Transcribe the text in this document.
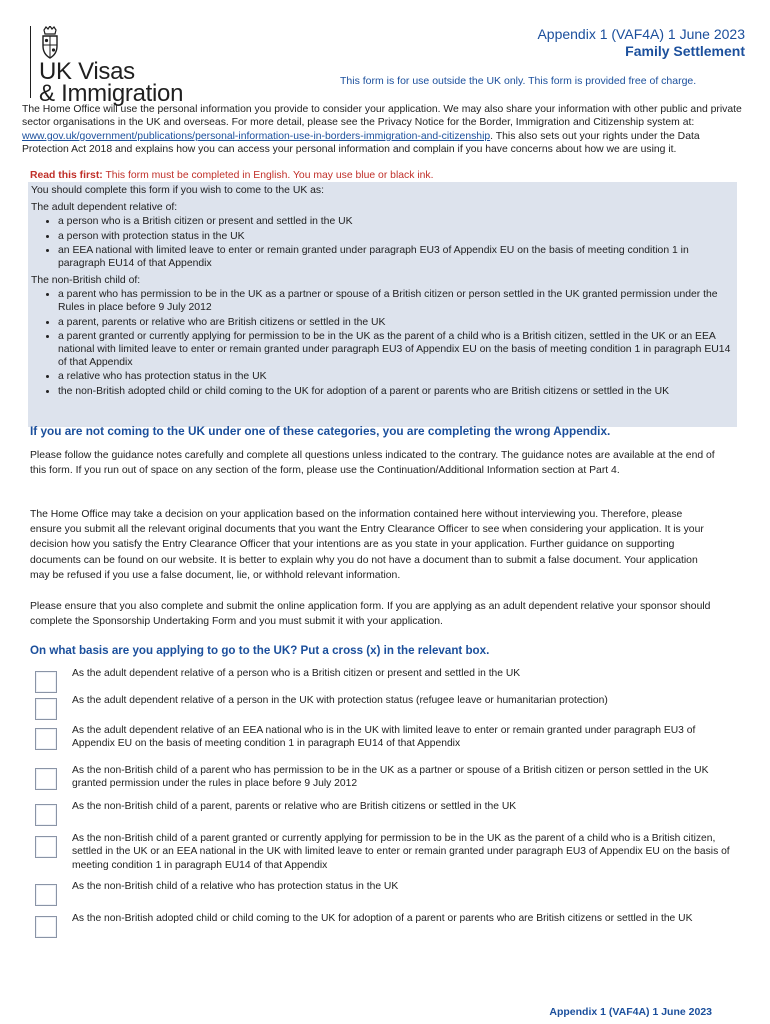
UK Visas
& Immigration
Appendix 1 (VAF4A) 1 June 2023
Family Settlement
This form is for use outside the UK only. This form is provided free of charge.
The Home Office will use the personal information you provide to consider your application. We may also share your information with other public and private sector organisations in the UK and overseas. For more detail, please see the Privacy Notice for the Border, Immigration and Citizenship system at: www.gov.uk/government/publications/personal-information-use-in-borders-immigration-and-citizenship. This also sets out your rights under the Data Protection Act 2018 and explains how you can access your personal information and complain if you have concerns about how we are using it.
Read this first: This form must be completed in English. You may use blue or black ink.

You should complete this form if you wish to come to the UK as:

The adult dependent relative of:

• a person who is a British citizen or present and settled in the UK
• a person with protection status in the UK
• an EEA national with limited leave to enter or remain granted under paragraph EU3 of Appendix EU on the basis of meeting condition 1 in paragraph EU14 of that Appendix

The non-British child of:

• a parent who has permission to be in the UK as a partner or spouse of a British citizen or person settled in the UK granted permission under the Rules in place before 9 July 2012
• a parent, parents or relative who are British citizens or settled in the UK
• a parent granted or currently applying for permission to be in the UK as the parent of a child who is a British citizen, settled in the UK or an EEA national with limited leave to enter or remain granted under paragraph EU3 of Appendix EU on the basis of meeting condition 1 in paragraph EU14 of that Appendix
• a relative who has protection status in the UK
• the non-British adopted child or child coming to the UK for adoption of a parent or parents who are British citizens or settled in the UK
If you are not coming to the UK under one of these categories, you are completing the wrong Appendix.
Please follow the guidance notes carefully and complete all questions unless indicated to the contrary. The guidance notes are available at the end of this form. If you run out of space on any section of the form, please use the Continuation/Additional Information section at Part 4.
The Home Office may take a decision on your application based on the information contained here without interviewing you. Therefore, please ensure you submit all the relevant original documents that you want the Entry Clearance Officer to see when considering your application. It is your decision how you satisfy the Entry Clearance Officer that your intentions are as you state in your application. Further guidance on supporting documents can be found on our website. It is better to explain why you do not have a document than to submit a false document. Your application may be refused if you use a false document, lie, or withhold relevant information.
Please ensure that you also complete and submit the online application form. If you are applying as an adult dependent relative your sponsor should complete the Sponsorship Undertaking Form and you must submit it with your application.
On what basis are you applying to go to the UK? Put a cross (x) in the relevant box.
As the adult dependent relative of a person who is a British citizen or present and settled in the UK
As the adult dependent relative of a person in the UK with protection status (refugee leave or humanitarian protection)
As the adult dependent relative of an EEA national who is in the UK with limited leave to enter or remain granted under paragraph EU3 of Appendix EU on the basis of meeting condition 1 in paragraph EU14 of that Appendix
As the non-British child of a parent who has permission to be in the UK as a partner or spouse of a British citizen or person settled in the UK granted permission under the rules in place before 9 July 2012
As the non-British child of a parent, parents or relative who are British citizens or settled in the UK
As the non-British child of a parent granted or currently applying for permission to be in the UK as the parent of a child who is a British citizen, settled in the UK or an EEA national in the UK with limited leave to enter or remain granted under paragraph EU3 of Appendix EU on the basis of meeting condition 1 in paragraph EU14 of that Appendix
As the non-British child of a relative who has protection status in the UK
As the non-British adopted child or child coming to the UK for adoption of a parent or parents who are British citizens or settled in the UK
Appendix 1 (VAF4A) 1 June 2023
